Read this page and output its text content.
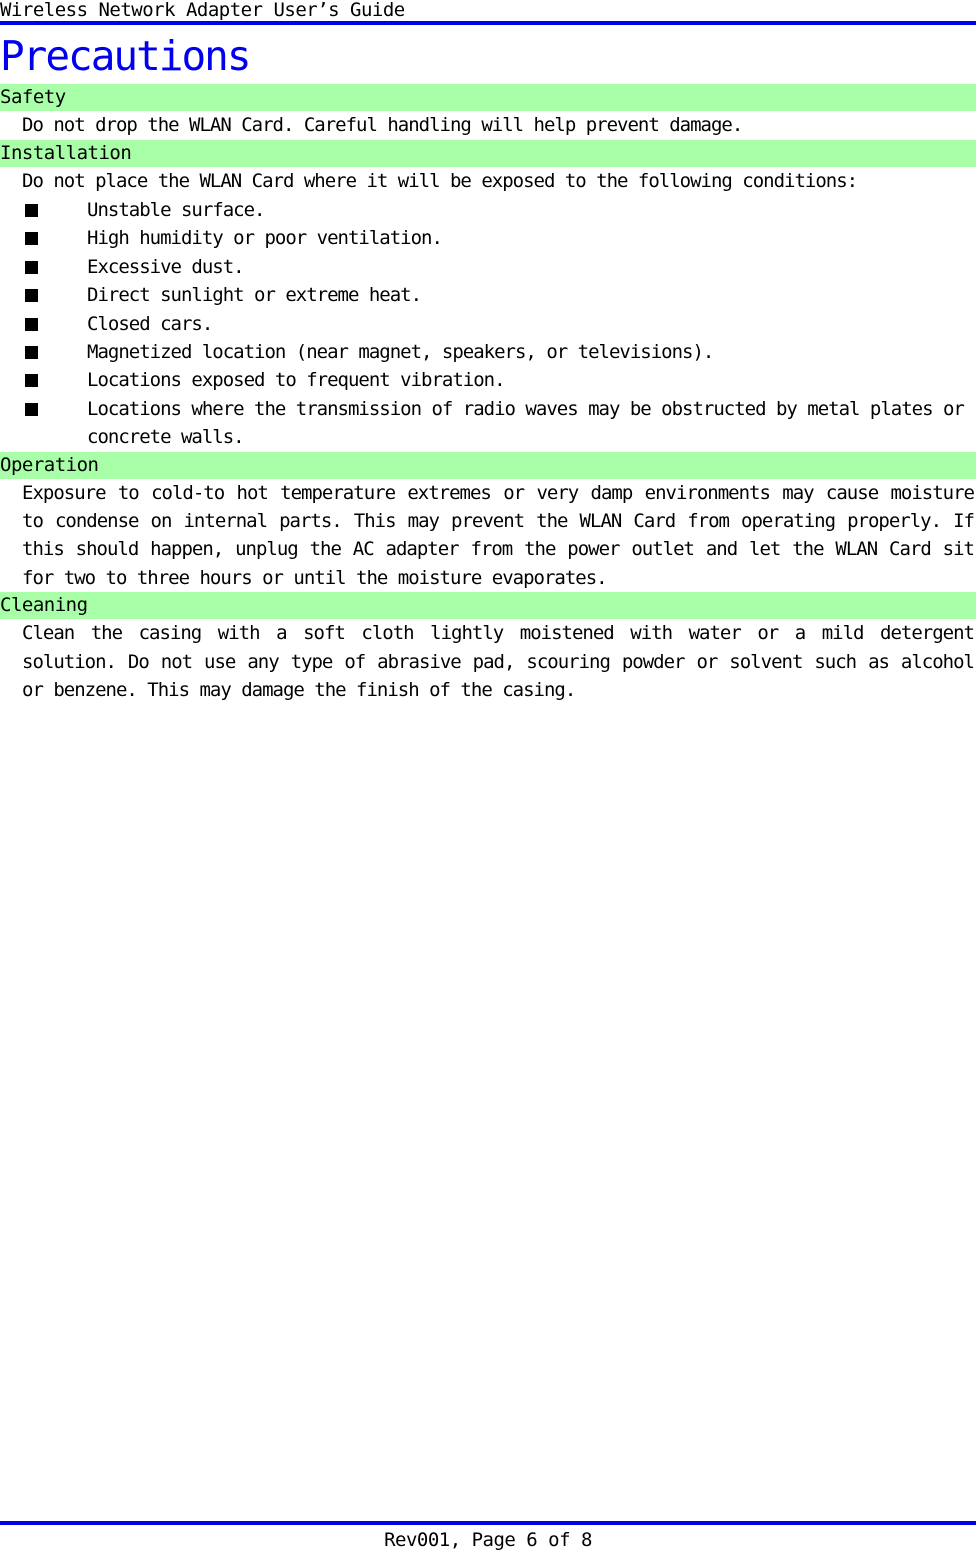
Wireless Network Adapter User’s Guide
Precautions
Safety
Do not drop the WLAN Card. Careful handling will help prevent damage.
Installation
Do not place the WLAN Card where it will be exposed to the following conditions:
Unstable surface.
High humidity or poor ventilation.
Excessive dust.
Direct sunlight or extreme heat.
Closed cars.
Magnetized location (near magnet, speakers, or televisions).
Locations exposed to frequent vibration.
Locations where the transmission of radio waves may be obstructed by metal plates or concrete walls.
Operation
Exposure to cold-to hot temperature extremes or very damp environments may cause moisture to condense on internal parts. This may prevent the WLAN Card from operating properly. If this should happen, unplug the AC adapter from the power outlet and let the WLAN Card sit for two to three hours or until the moisture evaporates.
Cleaning
Clean the casing with a soft cloth lightly moistened with water or a mild detergent solution. Do not use any type of abrasive pad, scouring powder or solvent such as alcohol or benzene. This may damage the finish of the casing.
Rev001, Page 6 of 8
